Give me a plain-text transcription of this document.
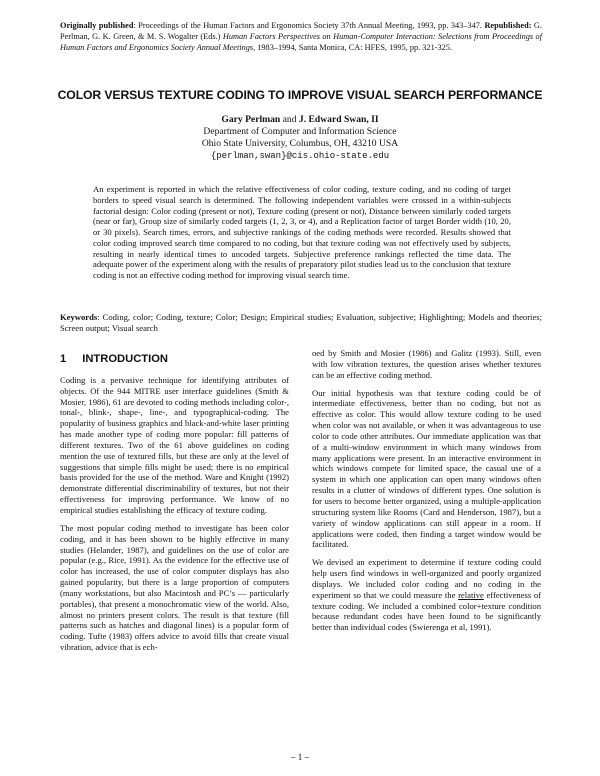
Originally published: Proceedings of the Human Factors and Ergonomics Society 37th Annual Meeting, 1993, pp. 343–347. Republished: G. Perlman, G. K. Green, & M. S. Wogalter (Eds.) Human Factors Perspectives on Human-Computer Interaction: Selections from Proceedings of Human Factors and Ergonomics Society Annual Meetings, 1983–1994, Santa Monica, CA: HFES, 1995, pp. 321-325.
COLOR VERSUS TEXTURE CODING TO IMPROVE VISUAL SEARCH PERFORMANCE
Gary Perlman and J. Edward Swan, II
Department of Computer and Information Science
Ohio State University, Columbus, OH, 43210 USA
{perlman,swan}@cis.ohio-state.edu
An experiment is reported in which the relative effectiveness of color coding, texture coding, and no coding of target borders to speed visual search is determined. The following independent variables were crossed in a within-subjects factorial design: Color coding (present or not), Texture coding (present or not), Distance between similarly coded targets (near or far), Group size of similarly coded targets (1, 2, 3, or 4), and a Replication factor of target Border width (10, 20, or 30 pixels). Search times, errors, and subjective rankings of the coding methods were recorded. Results showed that color coding improved search time compared to no coding, but that texture coding was not effectively used by subjects, resulting in nearly identical times to uncoded targets. Subjective preference rankings reflected the time data. The adequate power of the experiment along with the results of preparatory pilot studies lead us to the conclusion that texture coding is not an effective coding method for improving visual search time.
Keywords: Coding, color; Coding, texture; Color; Design; Empirical studies; Evaluation, subjective; Highlighting; Models and theories; Screen output; Visual search
1 INTRODUCTION

Coding is a pervasive technique for identifying attributes of objects. Of the 944 MITRE user interface guidelines (Smith & Mosier, 1986), 61 are devoted to coding methods including color-, tonal-, blink-, shape-, line-, and typographical-coding. The popularity of business graphics and black-and-white laser printing has made another type of coding more popular: fill patterns of different textures. Two of the 61 above guidelines on coding mention the use of textured fills, but these are only at the level of suggestions that simple fills might be used; there is no empirical basis provided for the use of the method. Ware and Knight (1992) demonstrate differential discriminability of textures, but not their effectiveness for improving performance. We know of no empirical studies establishing the efficacy of texture coding.

The most popular coding method to investigate has been color coding, and it has been shown to be highly effective in many studies (Helander, 1987), and guidelines on the use of color are popular (e.g., Rice, 1991). As the evidence for the effective use of color has increased, the use of color computer displays has also gained popularity, but there is a large proportion of computers (many workstations, but also Macintosh and PC’s — particularly portables), that present a monochromatic view of the world. Also, almost no printers present colors. The result is that texture (fill patterns such as hatches and diagonal lines) is a popular form of coding. Tufte (1983) offers advice to avoid fills that create visual vibration, advice that is ech-

oed by Smith and Mosier (1986) and Galitz (1993). Still, even with low vibration textures, the question arises whether textures can be an effective coding method.

Our initial hypothesis was that texture coding could be of intermediate effectiveness, better than no coding, but not as effective as color. This would allow texture coding to be used when color was not available, or when it was advantageous to use color to code other attributes. Our immediate application was that of a multi-window environment in which many windows from many applications were present. In an interactive environment in which windows compete for limited space, the casual use of a system in which one application can open many windows often results in a clutter of windows of different types. One solution is for users to become better organized, using a multiple-application structuring system like Rooms (Card and Henderson, 1987), but a variety of window applications can still appear in a room. If applications were coded, then finding a target window would be facilitated.

We devised an experiment to determine if texture coding could help users find windows in well-organized and poorly organized displays. We included color coding and no coding in the experiment so that we could measure the relative effectiveness of texture coding. We included a combined color+texture condition because redundant codes have been found to be significantly better than individual codes (Swierenga et al, 1991).

– 1 –
